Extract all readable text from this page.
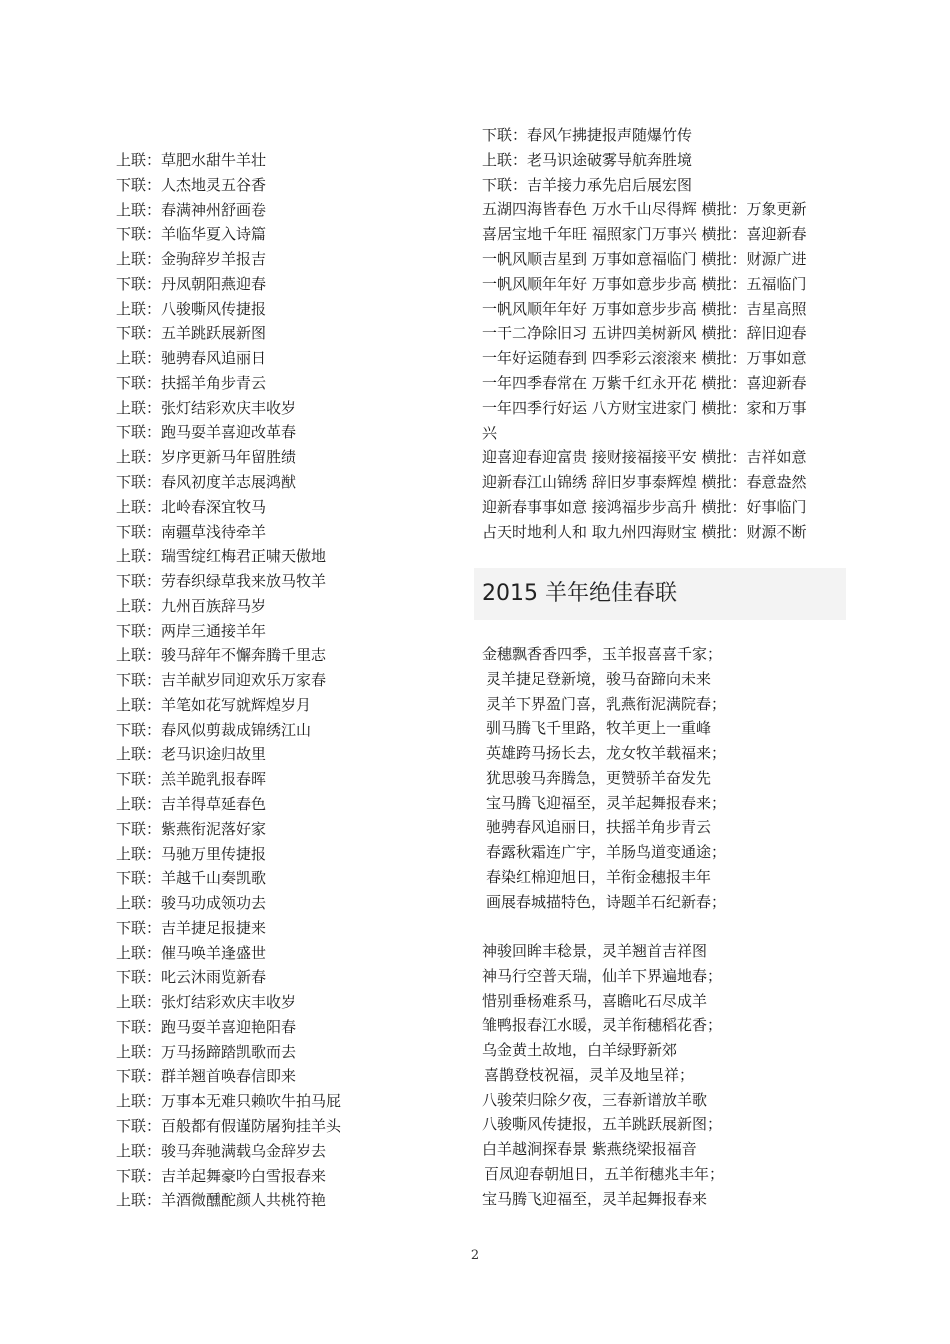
上联：草肥水甜牛羊壮
下联：人杰地灵五谷香
上联：春满神州舒画卷
下联：羊临华夏入诗篇
上联：金驹辞岁羊报吉
下联：丹凤朝阳燕迎春
上联：八骏嘶风传捷报
下联：五羊跳跃展新图
上联：驰骋春风追丽日
下联：扶摇羊角步青云
上联：张灯结彩欢庆丰收岁
下联：跑马耍羊喜迎改革春
上联：岁序更新马年留胜绩
下联：春风初度羊志展鸿猷
上联：北岭春深宜牧马
下联：南疆草浅待牵羊
上联：瑞雪绽红梅君正啸天傲地
下联：劳春织绿草我来放马牧羊
上联：九州百族辞马岁
下联：两岸三通接羊年
上联：骏马辞年不懈奔腾千里志
下联：吉羊献岁同迎欢乐万家春
上联：羊笔如花写就辉煌岁月
下联：春风似剪裁成锦绣江山
上联：老马识途归故里
下联：羔羊跪乳报春晖
上联：吉羊得草延春色
下联：紫燕衔泥落好家
上联：马驰万里传捷报
下联：羊越千山奏凯歌
上联：骏马功成领功去
下联：吉羊捷足报捷来
上联：催马唤羊逢盛世
下联：叱云沐雨览新春
上联：张灯结彩欢庆丰收岁
下联：跑马耍羊喜迎艳阳春
上联：万马扬蹄踏凯歌而去
下联：群羊翘首唤春信即来
上联：万事本无难只赖吹牛拍马屁
下联：百般都有假谨防屠狗挂羊头
上联：骏马奔驰满载乌金辞岁去
下联：吉羊起舞豪吟白雪报春来
上联：羊酒微醺酡颜人共桃符艳
下联：春风乍拂捷报声随爆竹传
上联：老马识途破雾导航奔胜境
下联：吉羊接力承先启后展宏图
五湖四海皆春色 万水千山尽得辉 横批：万象更新
喜居宝地千年旺 福照家门万事兴 横批：喜迎新春
一帆风顺吉星到 万事如意福临门 横批：财源广进
一帆风顺年年好 万事如意步步高 横批：五福临门
一帆风顺年年好 万事如意步步高 横批：吉星高照
一干二净除旧习 五讲四美树新风 横批：辞旧迎春
一年好运随春到 四季彩云滚滚来 横批：万事如意
一年四季春常在 万紫千红永开花 横批：喜迎新春
一年四季行好运 八方财宝进家门 横批：家和万事
兴
迎喜迎春迎富贵 接财接福接平安 横批：吉祥如意
迎新春江山锦绣 辞旧岁事泰辉煌 横批：春意盎然
迎新春事事如意 接鸿福步步高升 横批：好事临门
占天时地利人和 取九州四海财宝 横批：财源不断
2015 羊年绝佳春联
金穗飘香香四季，玉羊报喜喜千家；
灵羊捷足登新境，骏马奋蹄向未来
灵羊下界盈门喜，乳燕衔泥满院春；
驯马腾飞千里路，牧羊更上一重峰
英雄跨马扬长去，龙女牧羊载福来；
犹思骏马奔腾急，更赞骄羊奋发先
宝马腾飞迎福至，灵羊起舞报春来；
驰骋春风追丽日，扶摇羊角步青云
春露秋霜连广宇，羊肠鸟道变通途；
春染红棉迎旭日，羊衔金穗报丰年
画展春城描特色，诗题羊石纪新春；
神骏回眸丰稔景，灵羊翘首吉祥图
神马行空普天瑞，仙羊下界遍地春；
惜别垂杨难系马，喜瞻叱石尽成羊
雏鸭报春江水暖，灵羊衔穗稻花香；
乌金黄土故地，白羊绿野新郊
喜鹊登枝祝福，灵羊及地呈祥；
八骏荣归除夕夜，三春新谱放羊歌
八骏嘶风传捷报，五羊跳跃展新图；
白羊越涧探春景 紫燕绕梁报福音
百凤迎春朝旭日，五羊衔穗兆丰年；
宝马腾飞迎福至，灵羊起舞报春来
2
